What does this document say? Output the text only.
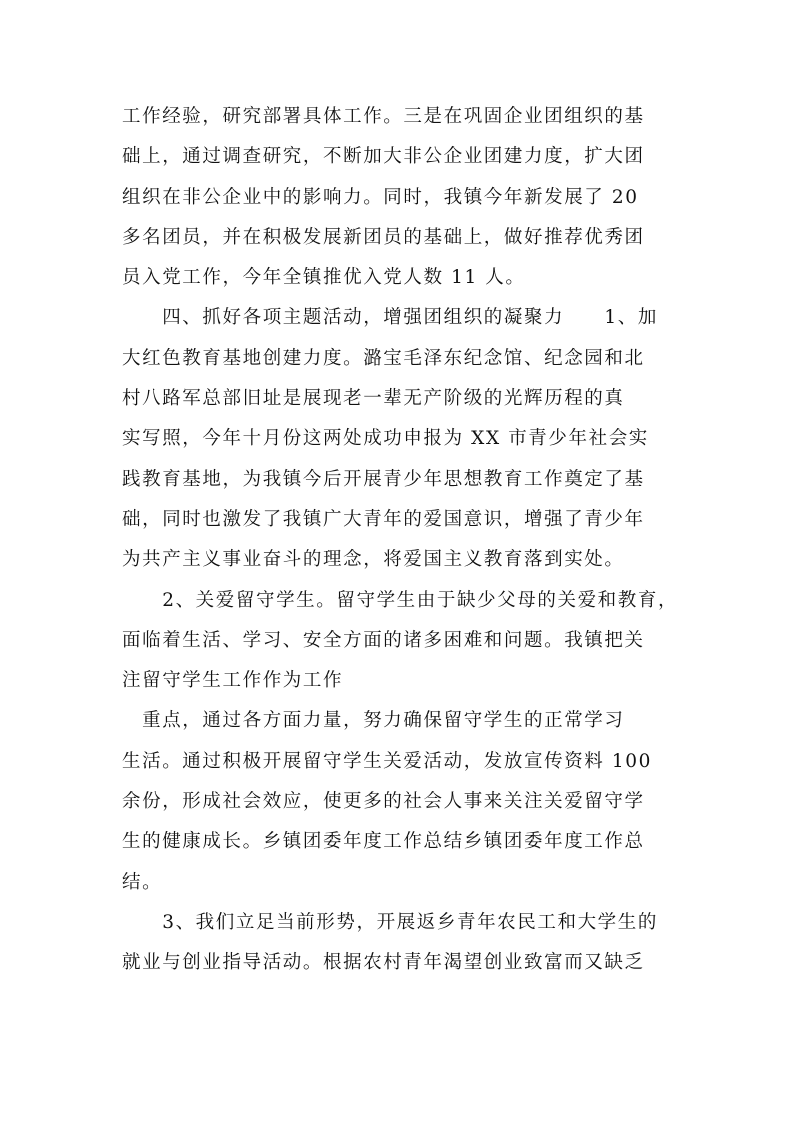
工作经验，研究部署具体工作。三是在巩固企业团组织的基
础上，通过调查研究，不断加大非公企业团建力度，扩大团
组织在非公企业中的影响力。同时，我镇今年新发展了 20
多名团员，并在积极发展新团员的基础上，做好推荐优秀团
员入党工作，今年全镇推优入党人数 11 人。
　　四、抓好各项主题活动，增强团组织的凝聚力　　1、加
大红色教育基地创建力度。潞宝毛泽东纪念馆、纪念园和北
村八路军总部旧址是展现老一辈无产阶级的光辉历程的真
实写照，今年十月份这两处成功申报为 XX 市青少年社会实
践教育基地，为我镇今后开展青少年思想教育工作奠定了基
础，同时也激发了我镇广大青年的爱国意识，增强了青少年
为共产主义事业奋斗的理念，将爱国主义教育落到实处。
　　2、关爱留守学生。留守学生由于缺少父母的关爱和教育，
面临着生活、学习、安全方面的诸多困难和问题。我镇把关
注留守学生工作作为工作
　重点，通过各方面力量，努力确保留守学生的正常学习
生活。通过积极开展留守学生关爱活动，发放宣传资料 100
余份，形成社会效应，使更多的社会人事来关注关爱留守学
生的健康成长。乡镇团委年度工作总结乡镇团委年度工作总
结。
　　3、我们立足当前形势，开展返乡青年农民工和大学生的
就业与创业指导活动。根据农村青年渴望创业致富而又缺乏
